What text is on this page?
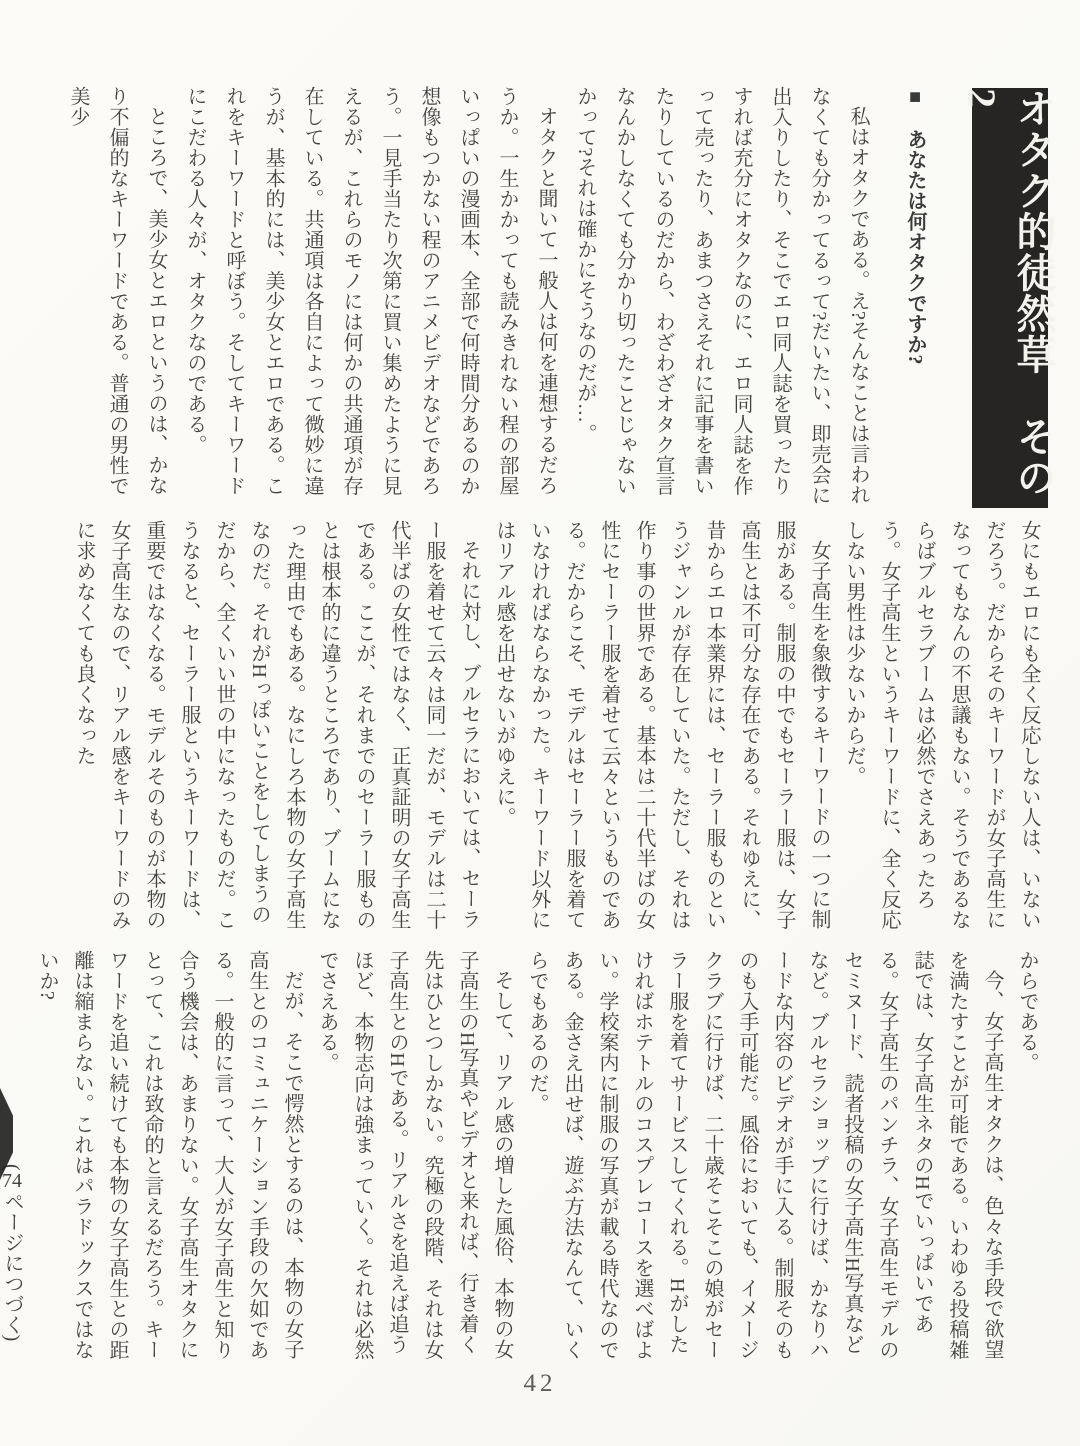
オタク的徒然草　その2

■　あなたは何オタクですか?

私はオタクである。え?そんなことは言われなくても分かってるって?だいたい、即売会に出入りしたり、そこでエロ同人誌を買ったりすれば充分にオタクなのに、エロ同人誌を作って売ったり、あまつさえそれに記事を書いたりしているのだから、わざわざオタク宣言なんかしなくても分かり切ったことじゃないかって?それは確かにそうなのだが…。

オタクと聞いて一般人は何を連想するだろうか。一生かかっても読みきれない程の部屋いっぱいの漫画本、全部で何時間分あるのか想像もつかない程のアニメビデオなどであろう。一見手当たり次第に買い集めたように見えるが、これらのモノには何かの共通項が存在している。共通項は各自によって微妙に違うが、基本的には、美少女とエロである。これをキーワードと呼ぼう。そしてキーワードにこだわる人々が、オタクなのである。

ところで、美少女とエロというのは、かなり不偏的なキーワードである。普通の男性で美少

女にもエロにも全く反応しない人は、いないだろう。だからそのキーワードが女子高生になってもなんの不思議もない。そうであるならばブルセラブームは必然でさえあったろう。女子高生というキーワードに、全く反応しない男性は少ないからだ。

女子高生を象徴するキーワードの一つに制服がある。制服の中でもセーラー服は、女子高生とは不可分な存在である。それゆえに、昔からエロ本業界には、セーラー服ものというジャンルが存在していた。ただし、それは作り事の世界である。基本は二十代半ばの女性にセーラー服を着せて云々というものである。だからこそ、モデルはセーラー服を着ていなければならなかった。キーワード以外にはリアル感を出せないがゆえに。

それに対し、ブルセラにおいては、セーラー服を着せて云々は同一だが、モデルは二十代半ばの女性ではなく、正真証明の女子高生である。ここが、それまでのセーラー服ものとは根本的に違うところであり、ブームになった理由でもある。なにしろ本物の女子高生なのだ。それがHっぽいことをしてしまうのだから、全くいい世の中になったものだ。こうなると、セーラー服というキーワードは、重要ではなくなる。モデルそのものが本物の女子高生なので、リアル感をキーワードのみに求めなくても良くなった

からである。

今、女子高生オタクは、色々な手段で欲望を満たすことが可能である。いわゆる投稿雑誌では、女子高生ネタのHでいっぱいである。女子高生のパンチラ、女子高生モデルのセミヌード、読者投稿の女子高生H写真などなど。ブルセラショップに行けば、かなりハードな内容のビデオが手に入る。制服そのものも入手可能だ。風俗においても、イメージクラブに行けば、二十歳そこそこの娘がセーラー服を着てサービスしてくれる。Hがしたければホテトルのコスプレコースを選べばよい。学校案内に制服の写真が載る時代なのである。金さえ出せば、遊ぶ方法なんて、いくらでもあるのだ。

そして、リアル感の増した風俗、本物の女子高生のH写真やビデオと来れば、行き着く先はひとつしかない。究極の段階、それは女子高生とのHである。リアルさを追えば追うほど、本物志向は強まっていく。それは必然でさえある。

だが、そこで愕然とするのは、本物の女子高生とのコミュニケーション手段の欠如である。一般的に言って、大人が女子高生と知り合う機会は、あまりない。女子高生オタクにとって、これは致命的と言えるだろう。キーワードを追い続けても本物の女子高生との距離は縮まらない。これはパラドックスではないか?

(74ページにつづく)

42
